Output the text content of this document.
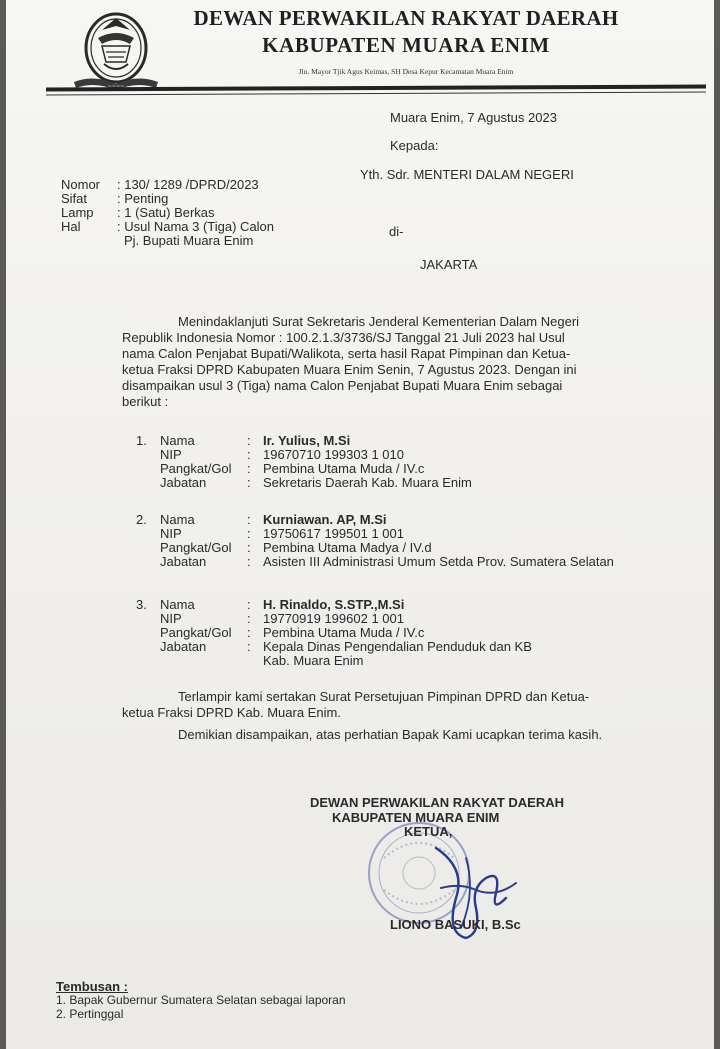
DEWAN PERWAKILAN RAKYAT DAERAH
KABUPATEN MUARA ENIM
Jln. Mayor Tjik Agus Keimas, SH Desa Kepur Kecamatan Muara Enim
Muara Enim, 7 Agustus 2023
Kepada:
Yth. Sdr. MENTERI DALAM NEGERI
di-
JAKARTA
Nomor : 130/ 1289 /DPRD/2023
Sifat : Penting
Lamp : 1 (Satu) Berkas
Hal	: Usul Nama 3 (Tiga) Calon
Pj. Bupati Muara Enim
Menindaklanjuti Surat Sekretaris Jenderal Kementerian Dalam Negeri
Republik Indonesia Nomor : 100.2.1.3/3736/SJ Tanggal 21 Juli 2023 hal Usul
nama Calon Penjabat Bupati/Walikota, serta hasil Rapat Pimpinan dan Ketua-
ketua Fraksi DPRD Kabupaten Muara Enim Senin, 7 Agustus 2023. Dengan ini
disampaikan usul 3 (Tiga) nama Calon Penjabat Bupati Muara Enim sebagai
berikut :
1. Nama
NIP
Pangkat/Gol
Jabatan
:
:
:
:
Ir. Yulius, M.Si
19670710 199303 1 010
Pembina Utama Muda / IV.c
Sekretaris Daerah Kab. Muara Enim
2. Nama
NIP
Pangkat/Gol
Jabatan
:
:
:
:
Kurniawan. AP, M.Si
19750617 199501 1 001
Pembina Utama Madya / IV.d
Asisten III Administrasi Umum Setda Prov. Sumatera Selatan
3. Nama
NIP
Pangkat/Gol
Jabatan
:
:
:
:
H. Rinaldo, S.STP.,M.Si
19770919 199602 1 001
Pembina Utama Muda / IV.c
Kepala Dinas Pengendalian Penduduk dan KB
Kab. Muara Enim
Terlampir kami sertakan Surat Persetujuan Pimpinan DPRD dan Ketua-
ketua Fraksi DPRD Kab. Muara Enim.
Demikian disampaikan, atas perhatian Bapak Kami ucapkan terima kasih.
DEWAN PERWAKILAN RAKYAT DAERAH
KABUPATEN MUARA ENIM
KETUA,
LIONO BASUKI, B.Sc
Tembusan :
1. Bapak Gubernur Sumatera Selatan sebagai laporan
2. Pertinggal
